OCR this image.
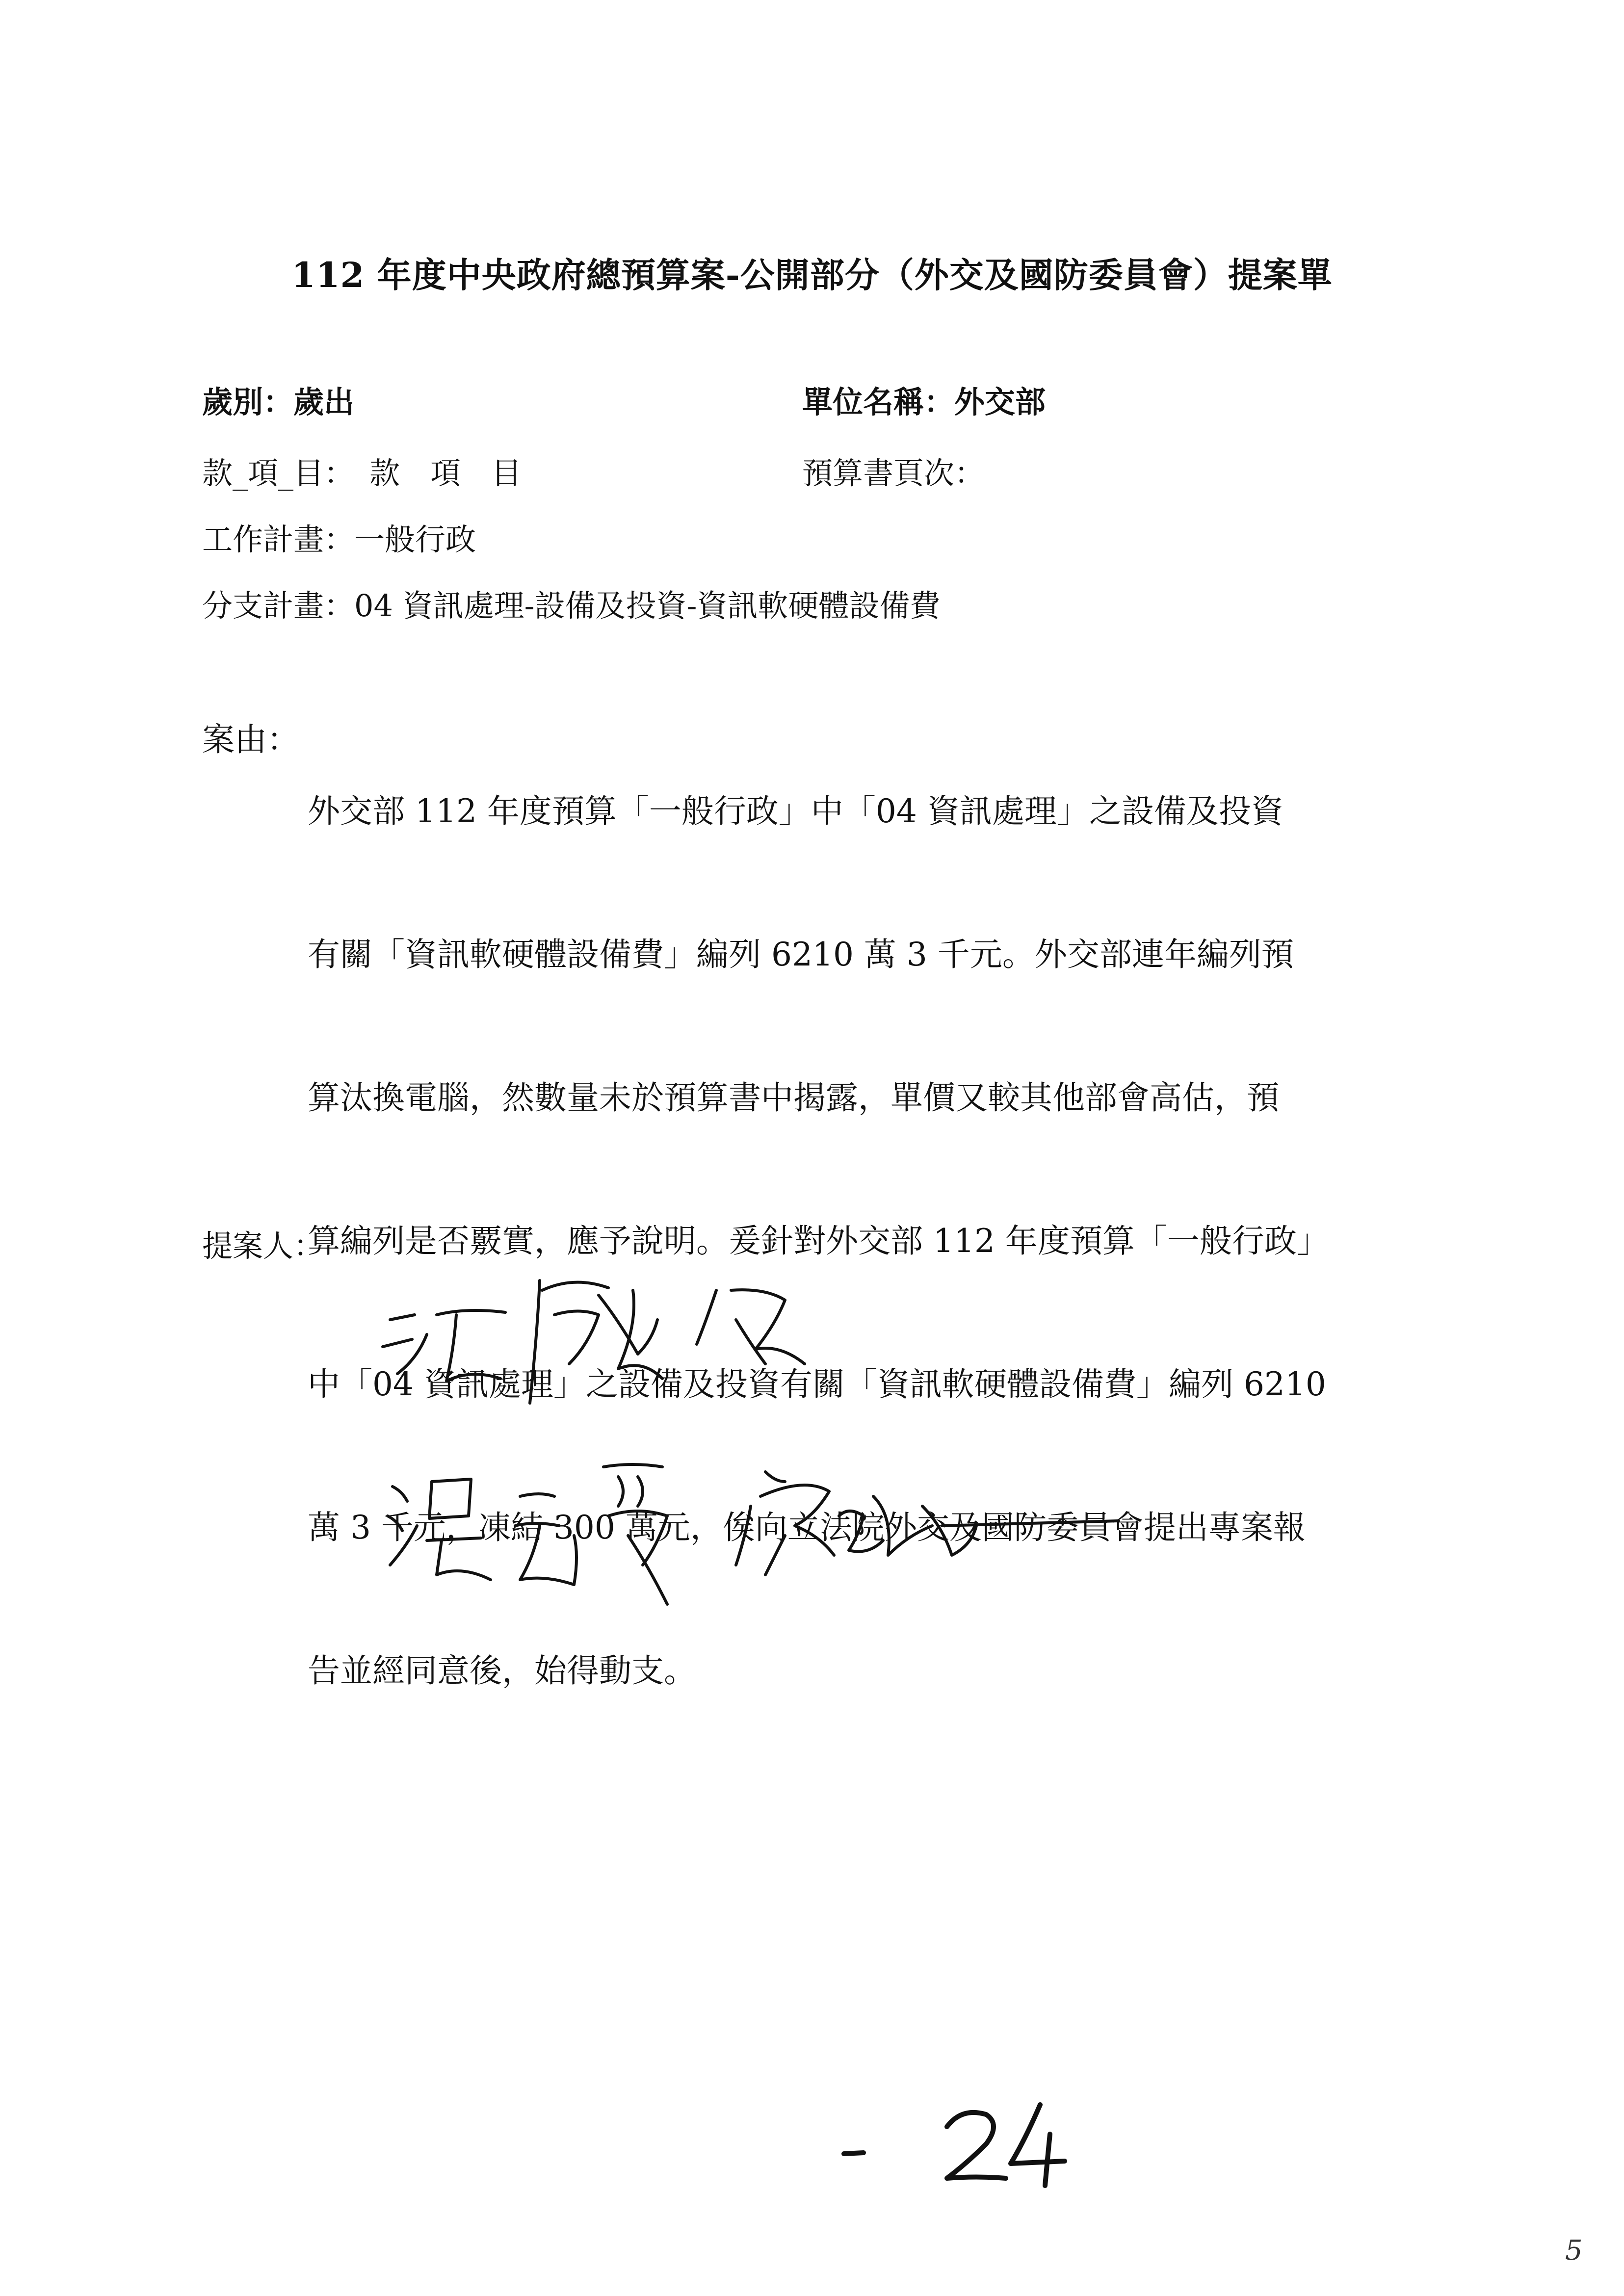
112 年度中央政府總預算案-公開部分（外交及國防委員會）提案單
歲別：歲出	單位名稱：外交部
款_項_目：　款　項　目	預算書頁次：
工作計畫：一般行政
分支計畫：04 資訊處理-設備及投資-資訊軟硬體設備費
案由：

外交部 112 年度預算「一般行政」中「04 資訊處理」之設備及投資

有關「資訊軟硬體設備費」編列 6210 萬 3 千元。外交部連年編列預

算汰換電腦，然數量未於預算書中揭露，單價又較其他部會高估，預

算編列是否覈實，應予說明。爰針對外交部 112 年度預算「一般行政」

中「04 資訊處理」之設備及投資有關「資訊軟硬體設備費」編列 6210

萬 3 千元，凍結 300 萬元，俟向立法院外交及國防委員會提出專案報

告並經同意後，始得動支。

提案人：
5
